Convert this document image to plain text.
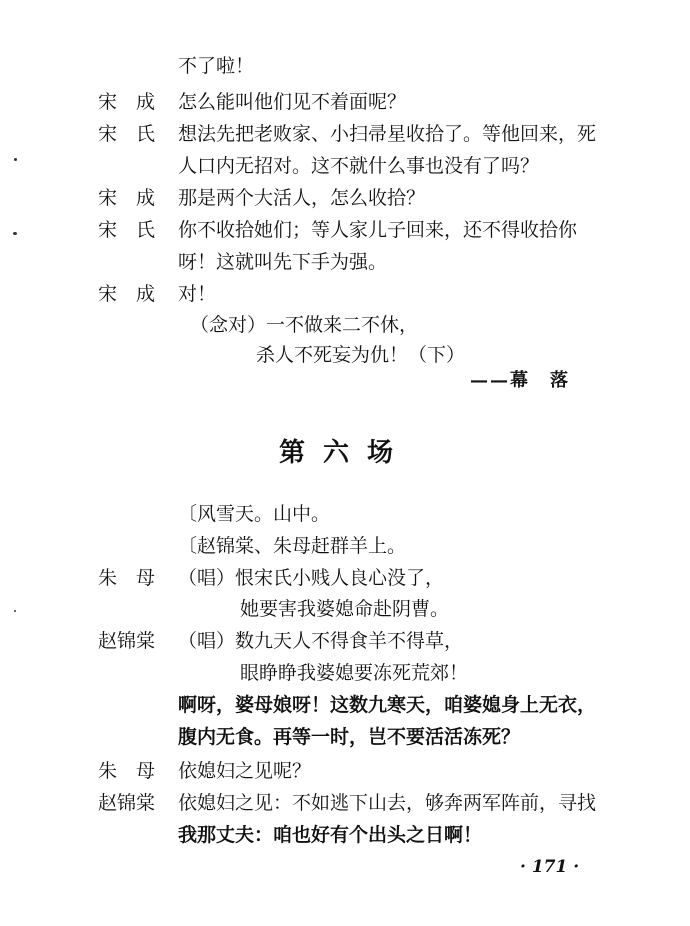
不了啦！
宋　成 怎么能叫他们见不着面呢？
宋　氏 想法先把老败家、小扫帚星收拾了。等他回来，死
人口内无招对。这不就什么事也没有了吗？
宋　成 那是两个大活人，怎么收拾？
宋　氏 你不收拾她们；等人家儿子回来，还不得收拾你
呀！这就叫先下手为强。
宋　成 对！
（念对）一不做来二不休，
杀人不死妄为仇！（下）
——幕　落
第六场
〔风雪天。山中。
〔赵锦棠、朱母赶群羊上。
朱　母 （唱）恨宋氏小贱人良心没了，
她要害我婆媳命赴阴曹。
赵锦棠 （唱）数九天人不得食羊不得草，
眼睁睁我婆媳要冻死荒郊！
啊呀，婆母娘呀！这数九寒天，咱婆媳身上无衣，
腹内无食。再等一时，岂不要活活冻死？
朱　母 依媳妇之见呢？
赵锦棠 依媳妇之见：不如逃下山去，够奔两军阵前，寻找
我那丈夫：咱也好有个出头之日啊！
· 171 ·
